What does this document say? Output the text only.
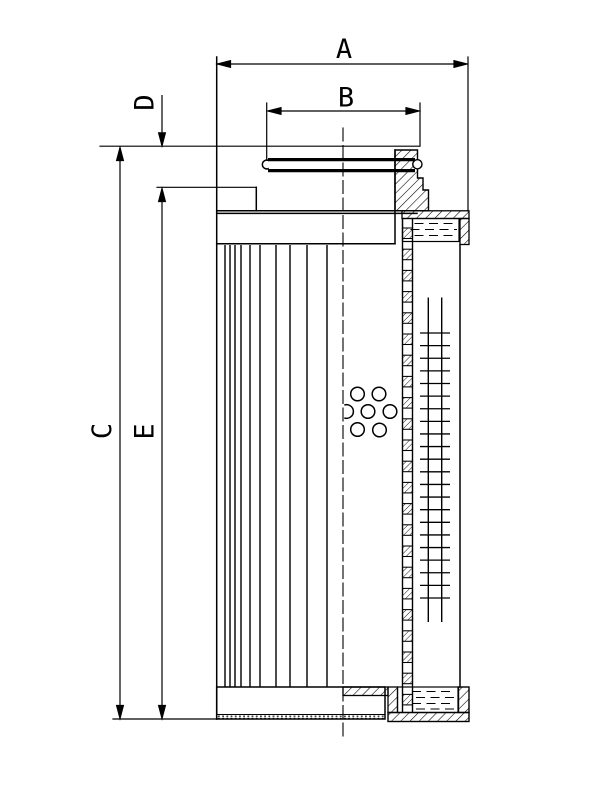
A
B
D
C E
